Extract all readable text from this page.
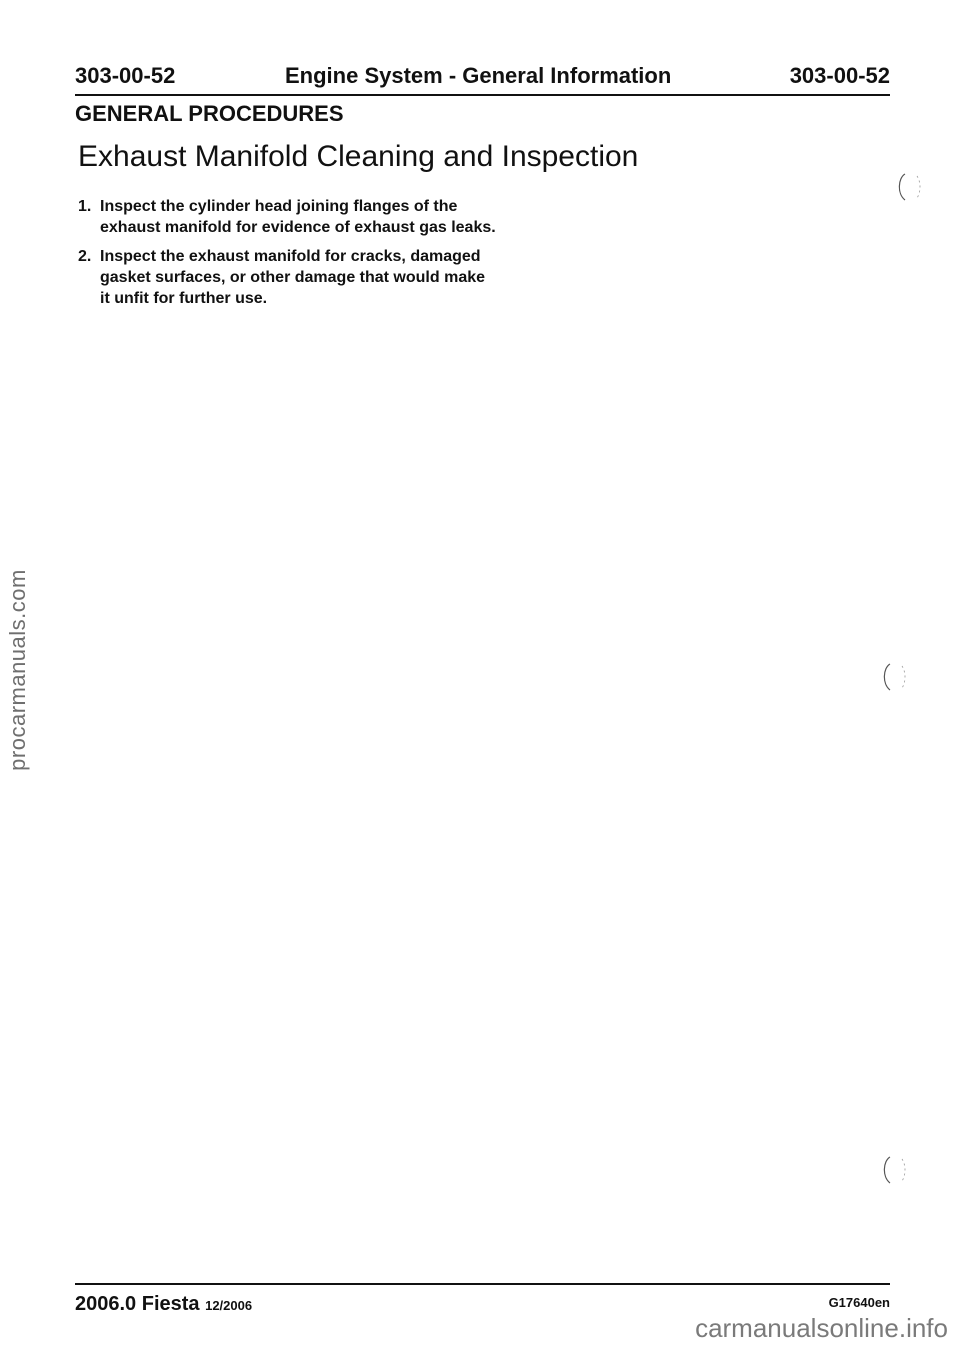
303-00-52	Engine System - General Information	303-00-52
GENERAL PROCEDURES
Exhaust Manifold Cleaning and Inspection
1. Inspect the cylinder head joining flanges of the exhaust manifold for evidence of exhaust gas leaks.
2. Inspect the exhaust manifold for cracks, damaged gasket surfaces, or other damage that would make it unfit for further use.
procarmanuals.com
2006.0 Fiesta 12/2006	G17640en
carmanualsonline.info
